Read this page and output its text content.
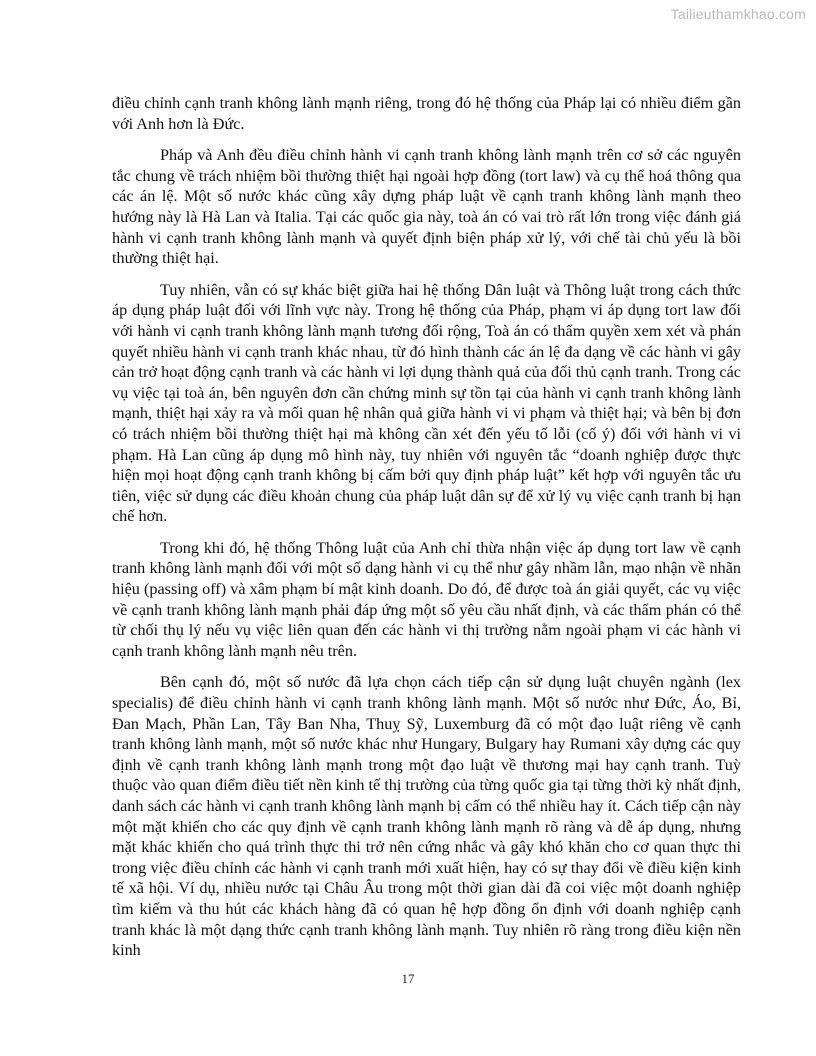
Tailieuthamkhao.com

điều chỉnh cạnh tranh không lành mạnh riêng, trong đó hệ thống của Pháp lại có nhiều điểm gần với Anh hơn là Đức.

Pháp và Anh đều điều chỉnh hành vi cạnh tranh không lành mạnh trên cơ sở các nguyên tắc chung về trách nhiệm bồi thường thiệt hại ngoài hợp đồng (tort law) và cụ thể hoá thông qua các án lệ. Một số nước khác cũng xây dựng pháp luật về cạnh tranh không lành mạnh theo hướng này là Hà Lan và Italia. Tại các quốc gia này, toà án có vai trò rất lớn trong việc đánh giá hành vi cạnh tranh không lành mạnh và quyết định biện pháp xử lý, với chế tài chủ yếu là bồi thường thiệt hại.

Tuy nhiên, vẫn có sự khác biệt giữa hai hệ thống Dân luật và Thông luật trong cách thức áp dụng pháp luật đối với lĩnh vực này. Trong hệ thống của Pháp, phạm vi áp dụng tort law đối với hành vi cạnh tranh không lành mạnh tương đối rộng, Toà án có thẩm quyền xem xét và phán quyết nhiều hành vi cạnh tranh khác nhau, từ đó hình thành các án lệ đa dạng về các hành vi gây cản trở hoạt động cạnh tranh và các hành vi lợi dụng thành quả của đối thủ cạnh tranh. Trong các vụ việc tại toà án, bên nguyên đơn cần chứng minh sự tồn tại của hành vi cạnh tranh không lành mạnh, thiệt hại xảy ra và mối quan hệ nhân quả giữa hành vi vi phạm và thiệt hại; và bên bị đơn có trách nhiệm bồi thường thiệt hại mà không cần xét đến yếu tố lỗi (cố ý) đối với hành vi vi phạm. Hà Lan cũng áp dụng mô hình này, tuy nhiên với nguyên tắc “doanh nghiệp được thực hiện mọi hoạt động cạnh tranh không bị cấm bởi quy định pháp luật” kết hợp với nguyên tắc ưu tiên, việc sử dụng các điều khoản chung của pháp luật dân sự để xử lý vụ việc cạnh tranh bị hạn chế hơn.

Trong khi đó, hệ thống Thông luật của Anh chỉ thừa nhận việc áp dụng tort law về cạnh tranh không lành mạnh đối với một số dạng hành vi cụ thể như gây nhầm lẫn, mạo nhận về nhãn hiệu (passing off) và xâm phạm bí mật kinh doanh. Do đó, để được toà án giải quyết, các vụ việc về cạnh tranh không lành mạnh phải đáp ứng một số yêu cầu nhất định, và các thẩm phán có thể từ chối thụ lý nếu vụ việc liên quan đến các hành vi thị trường nằm ngoài phạm vi các hành vi cạnh tranh không lành mạnh nêu trên.

Bên cạnh đó, một số nước đã lựa chọn cách tiếp cận sử dụng luật chuyên ngành (lex specialis) để điều chỉnh hành vi cạnh tranh không lành mạnh. Một số nước như Đức, Áo, Bỉ, Đan Mạch, Phần Lan, Tây Ban Nha, Thuỵ Sỹ, Luxemburg đã có một đạo luật riêng về cạnh tranh không lành mạnh, một số nước khác như Hungary, Bulgary hay Rumani xây dựng các quy định về cạnh tranh không lành mạnh trong một đạo luật về thương mại hay cạnh tranh. Tuỳ thuộc vào quan điểm điều tiết nền kinh tế thị trường của từng quốc gia tại từng thời kỳ nhất định, danh sách các hành vi cạnh tranh không lành mạnh bị cấm có thể nhiều hay ít. Cách tiếp cận này một mặt khiến cho các quy định về cạnh tranh không lành mạnh rõ ràng và dễ áp dụng, nhưng mặt khác khiến cho quá trình thực thi trở nên cứng nhắc và gây khó khăn cho cơ quan thực thi trong việc điều chỉnh các hành vi cạnh tranh mới xuất hiện, hay có sự thay đổi về điều kiện kinh tế xã hội. Ví dụ, nhiều nước tại Châu Âu trong một thời gian dài đã coi việc một doanh nghiệp tìm kiếm và thu hút các khách hàng đã có quan hệ hợp đồng ổn định với doanh nghiệp cạnh tranh khác là một dạng thức cạnh tranh không lành mạnh. Tuy nhiên rõ ràng trong điều kiện nền kinh

17
